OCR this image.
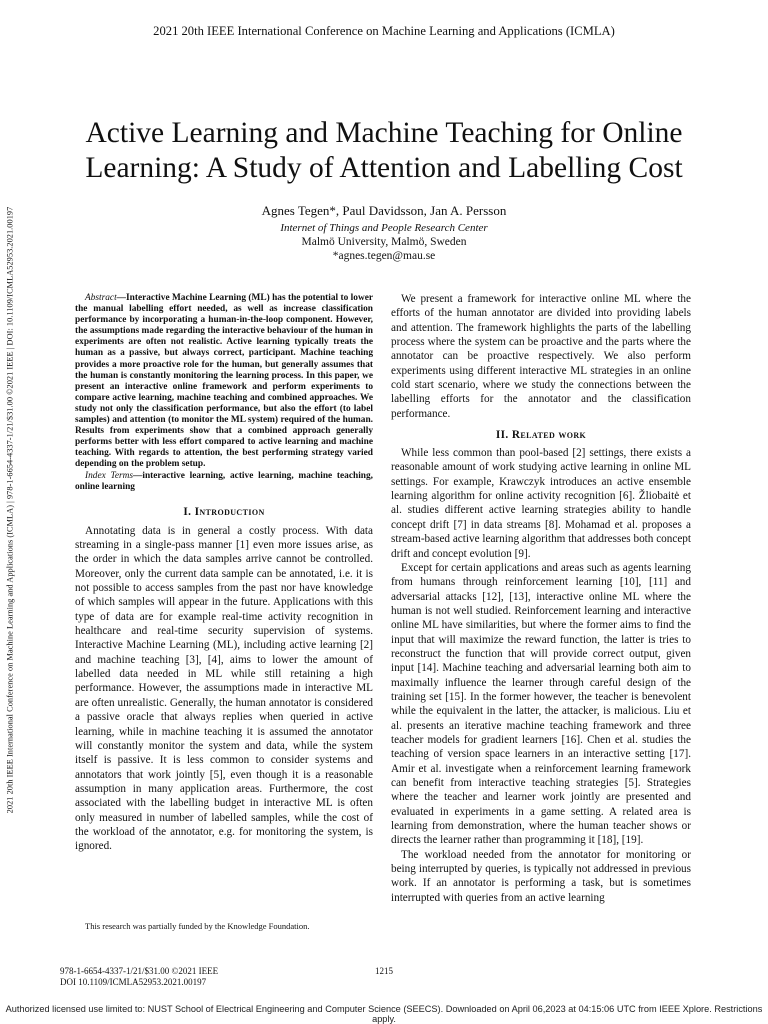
2021 20th IEEE International Conference on Machine Learning and Applications (ICMLA)
2021 20th IEEE International Conference on Machine Learning and Applications (ICMLA) | 978-1-6654-4337-1/21/$31.00 ©2021 IEEE | DOI: 10.1109/ICMLA52953.2021.00197
Active Learning and Machine Teaching for Online Learning: A Study of Attention and Labelling Cost
Agnes Tegen*, Paul Davidsson, Jan A. Persson
Internet of Things and People Research Center
Malmö University, Malmö, Sweden
*agnes.tegen@mau.se

Abstract—Interactive Machine Learning (ML) has the potential to lower the manual labelling effort needed, as well as increase classification performance by incorporating a human-in-the-loop component. However, the assumptions made regarding the interactive behaviour of the human in experiments are often not realistic. Active learning typically treats the human as a passive, but always correct, participant. Machine teaching provides a more proactive role for the human, but generally assumes that the human is constantly monitoring the learning process. In this paper, we present an interactive online framework and perform experiments to compare active learning, machine teaching and combined approaches. We study not only the classification performance, but also the effort (to label samples) and attention (to monitor the ML system) required of the human. Results from experiments show that a combined approach generally performs better with less effort compared to active learning and machine teaching. With regards to attention, the best performing strategy varied depending on the problem setup.

Index Terms—interactive learning, active learning, machine teaching, online learning

I. Introduction

Annotating data is in general a costly process. With data streaming in a single-pass manner [1] even more issues arise, as the order in which the data samples arrive cannot be controlled. Moreover, only the current data sample can be annotated, i.e. it is not possible to access samples from the past nor have knowledge of which samples will appear in the future. Applications with this type of data are for example real-time activity recognition in healthcare and real-time security supervision of systems. Interactive Machine Learning (ML), including active learning [2] and machine teaching [3], [4], aims to lower the amount of labelled data needed in ML while still retaining a high performance. However, the assumptions made in interactive ML are often unrealistic. Generally, the human annotator is considered a passive oracle that always replies when queried in active learning, while in machine teaching it is assumed the annotator will constantly monitor the system and data, while the system itself is passive. It is less common to consider systems and annotators that work jointly [5], even though it is a reasonable assumption in many application areas. Furthermore, the cost associated with the labelling budget in interactive ML is often only measured in number of labelled samples, while the cost of the workload of the annotator, e.g. for monitoring the system, is ignored.

This research was partially funded by the Knowledge Foundation.

We present a framework for interactive online ML where the efforts of the human annotator are divided into providing labels and attention. The framework highlights the parts of the labelling process where the system can be proactive and the parts where the annotator can be proactive respectively. We also perform experiments using different interactive ML strategies in an online cold start scenario, where we study the connections between the labelling efforts for the annotator and the classification performance.

II. Related work

While less common than pool-based [2] settings, there exists a reasonable amount of work studying active learning in online ML settings. For example, Krawczyk introduces an active ensemble learning algorithm for online activity recognition [6]. Žliobaitė et al. studies different active learning strategies ability to handle concept drift [7] in data streams [8]. Mohamad et al. proposes a stream-based active learning algorithm that addresses both concept drift and concept evolution [9].

Except for certain applications and areas such as agents learning from humans through reinforcement learning [10], [11] and adversarial attacks [12], [13], interactive online ML where the human is not well studied. Reinforcement learning and interactive online ML have similarities, but where the former aims to find the input that will maximize the reward function, the latter is tries to reconstruct the function that will provide correct output, given input [14]. Machine teaching and adversarial learning both aim to maximally influence the learner through careful design of the training set [15]. In the former however, the teacher is benevolent while the equivalent in the latter, the attacker, is malicious. Liu et al. presents an iterative machine teaching framework and three teacher models for gradient learners [16]. Chen et al. studies the teaching of version space learners in an interactive setting [17]. Amir et al. investigate when a reinforcement learning framework can benefit from interactive teaching strategies [5]. Strategies where the teacher and learner work jointly are presented and evaluated in experiments in a game setting. A related area is learning from demonstration, where the human teacher shows or directs the learner rather than programming it [18], [19].

The workload needed from the annotator for monitoring or being interrupted by queries, is typically not addressed in previous work. If an annotator is performing a task, but is sometimes interrupted with queries from an active learning

978-1-6654-4337-1/21/$31.00 ©2021 IEEE
DOI 10.1109/ICMLA52953.2021.00197
1215
Authorized licensed use limited to: NUST School of Electrical Engineering and Computer Science (SEECS). Downloaded on April 06,2023 at 04:15:06 UTC from IEEE Xplore. Restrictions apply.
